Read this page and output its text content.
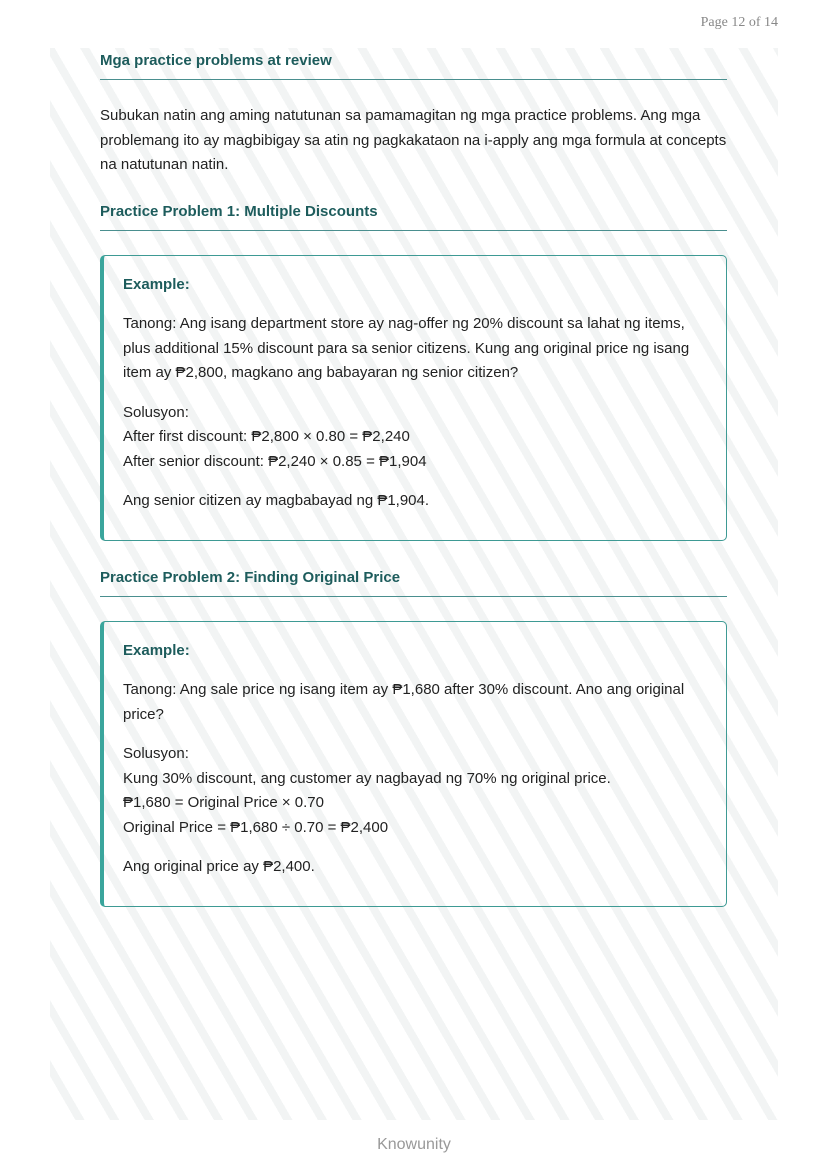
Page 12 of 14
Mga practice problems at review

Subukan natin ang aming natutunan sa pamamagitan ng mga practice problems. Ang mga problemang ito ay magbibigay sa atin ng pagkakataon na i-apply ang mga formula at concepts na natutunan natin.

Practice Problem 1: Multiple Discounts

Example:

Tanong: Ang isang department store ay nag-offer ng 20% discount sa lahat ng items, plus additional 15% discount para sa senior citizens. Kung ang original price ng isang item ay ₱2,800, magkano ang babayaran ng senior citizen?

Solusyon:

After first discount: ₱2,800 × 0.80 = ₱2,240

After senior discount: ₱2,240 × 0.85 = ₱1,904

Ang senior citizen ay magbabayad ng ₱1,904.

Practice Problem 2: Finding Original Price

Example:

Tanong: Ang sale price ng isang item ay ₱1,680 after 30% discount. Ano ang original price?

Solusyon:

Kung 30% discount, ang customer ay nagbayad ng 70% ng original price.

₱1,680 = Original Price × 0.70

Original Price = ₱1,680 ÷ 0.70 = ₱2,400

Ang original price ay ₱2,400.

Knowunity
